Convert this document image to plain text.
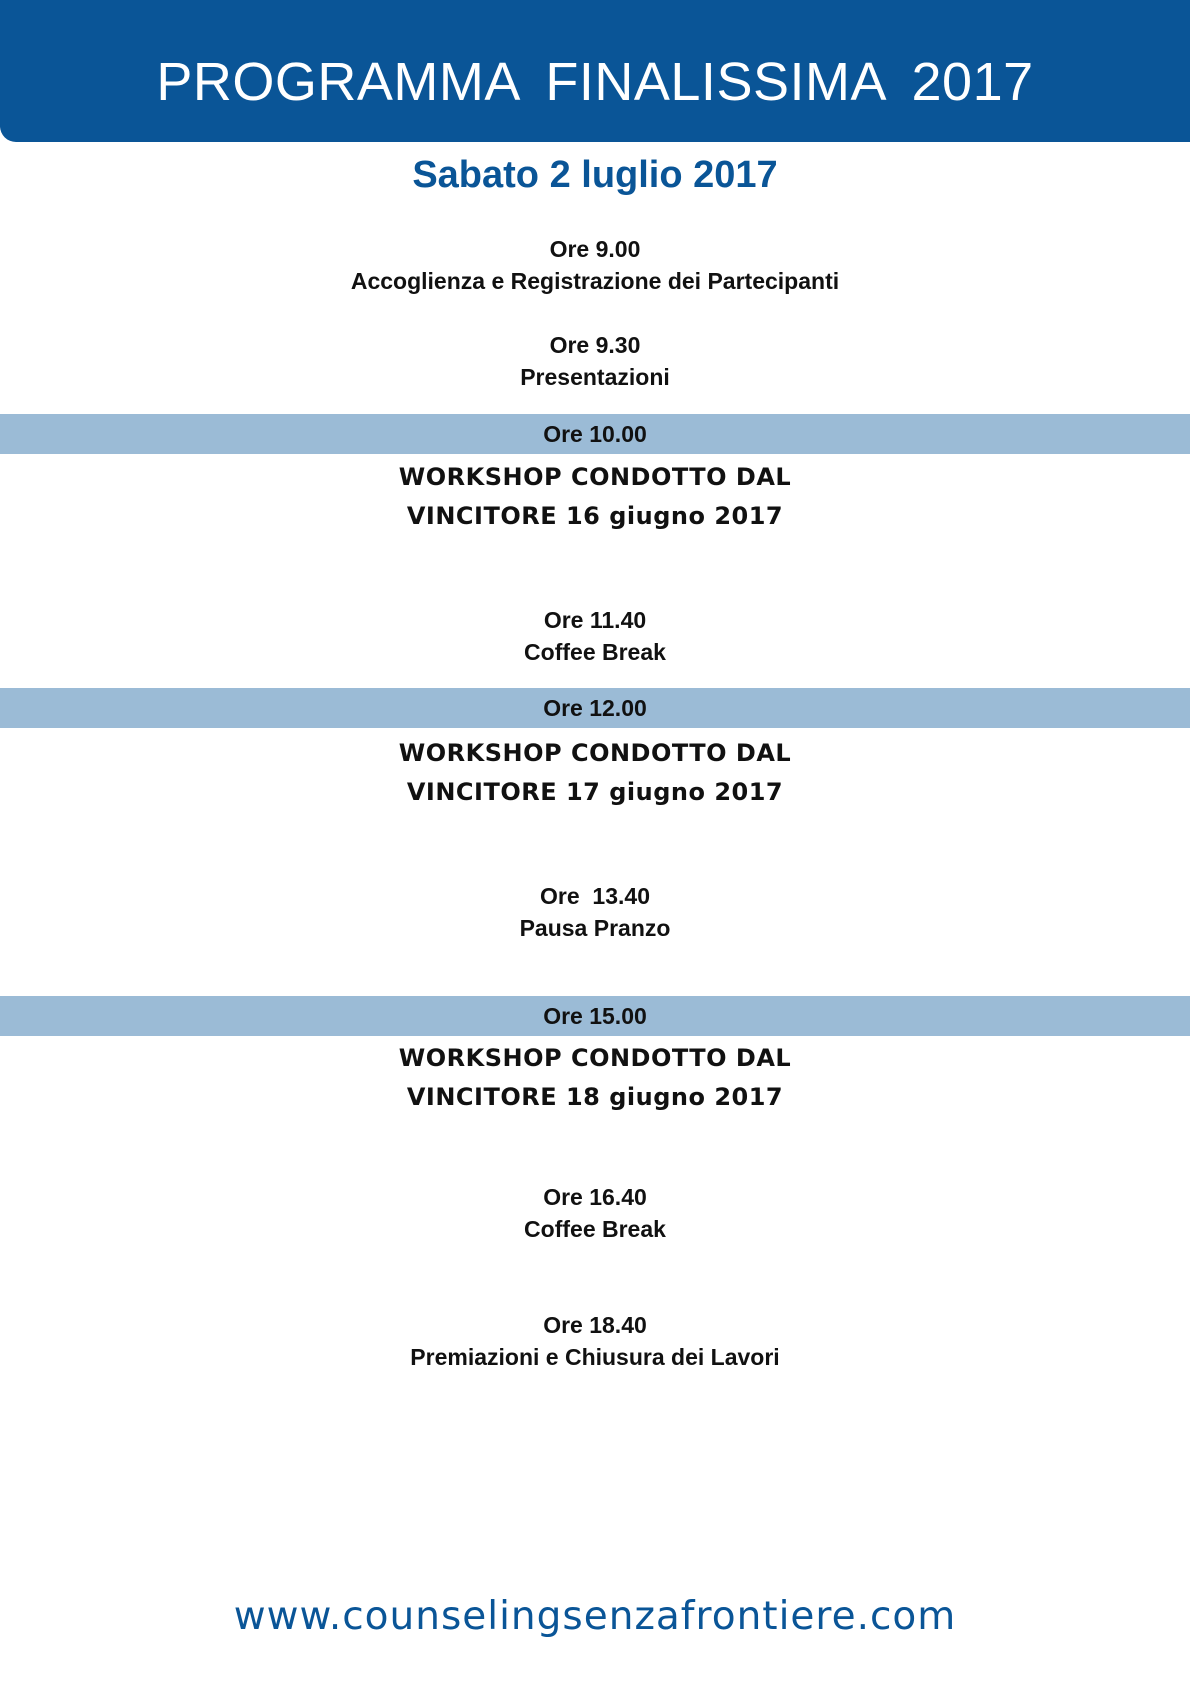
PROGRAMMA FINALISSIMA 2017
Sabato 2 luglio 2017
Ore 9.00
Accoglienza e Registrazione dei Partecipanti
Ore 9.30
Presentazioni
Ore 10.00
WORKSHOP CONDOTTO DAL
VINCITORE 16 giugno 2017
Ore 11.40
Coffee Break
Ore 12.00
WORKSHOP CONDOTTO DAL
VINCITORE 17 giugno 2017
Ore  13.40
Pausa Pranzo
Ore 15.00
WORKSHOP CONDOTTO DAL
VINCITORE 18 giugno 2017
Ore 16.40
Coffee Break
Ore 18.40
Premiazioni e Chiusura dei Lavori
www.counselingsenzafrontiere.com
